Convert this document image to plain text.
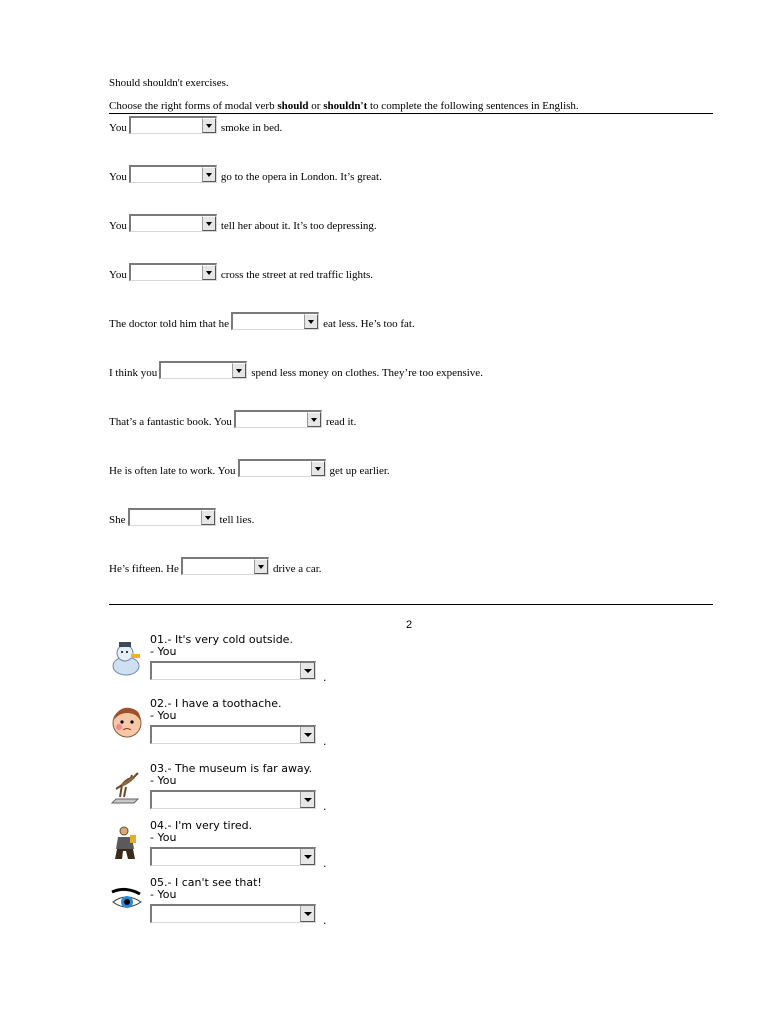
Should shouldn't exercises.
Choose the right forms of modal verb should or shouldn't to complete the following sentences in English.
You	smoke in bed.
You	go to the opera in London. It’s great.
You	tell her about it. It’s too depressing.
You	cross the street at red traffic lights.
The doctor told him that he	eat less. He’s too fat.
I think you	spend less money on clothes. They’re too expensive.
That’s a fantastic book. You	read it.
He is often late to work. You	get up earlier.
She	tell lies.
He’s fifteen. He	drive a car.
2
01.- It's very cold outside.
- You
.
02.- I have a toothache.
- You
.
03.- The museum is far away.
- You
.
04.- I'm very tired.
- You
.
05.- I can't see that!
- You
.
